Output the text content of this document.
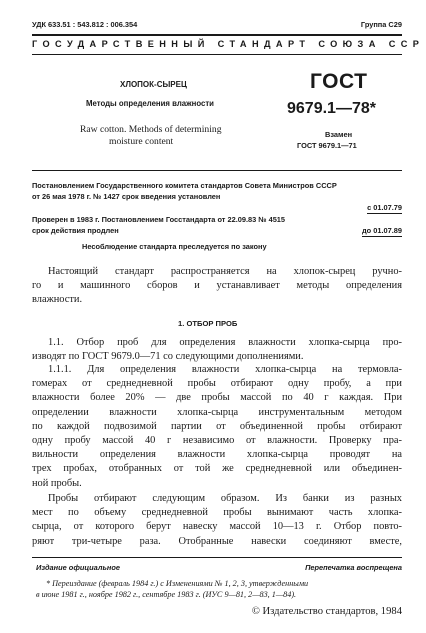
УДК 633.51 : 543.812 : 006.354	Группа С29
ГОСУДАРСТВЕННЫЙ СТАНДАРТ СОЮЗА ССР
ХЛОПОК-СЫРЕЦ
Методы определения влажности
Raw cotton. Methods of determining
moisture content
ГОСТ
9679.1—78*
Взамен
ГОСТ 9679.1—71
Постановлением Государственного комитета стандартов Совета Министров СССР
от 26 мая 1978 г. № 1427 срок введения установлен
с 01.07.79
Проверен в 1983 г. Постановлением Госстандарта от 22.09.83 № 4515
срок действия продлен	до 01.07.89
Несоблюдение стандарта преследуется по закону
Настоящий стандарт распространяется на хлопок-сырец ручно-
го и машинного сборов и устанавливает методы определения
влажности.
1. ОТБОР ПРОБ
1.1. Отбор проб для определения влажности хлопка-сырца про-
изводят по ГОСТ 9679.0—71 со следующими дополнениями.
1.1.1. Для определения влажности хлопка-сырца на термовла-
гомерах от среднедневной пробы отбирают одну пробу, а при
влажности более 20% — две пробы массой по 40 г каждая. При
определении влажности хлопка-сырца инструментальным методом
по каждой подвозимой партии от объединенной пробы отбирают
одну пробу массой 40 г независимо от влажности. Проверку пра-
вильности определения влажности хлопка-сырца проводят на
трех пробах, отобранных от той же среднедневной или объединен-
ной пробы.
Пробы отбирают следующим образом. Из банки из разных
мест по объему среднедневной пробы вынимают часть хлопка-
сырца, от которого берут навеску массой 10—13 г. Отбор повто-
ряют три-четыре раза. Отобранные навески соединяют вместе,
Издание официальное	Перепечатка воспрещена
* Переиздание (февраль 1984 г.) с Изменениями № 1, 2, 3, утвержденными
в июне 1981 г., ноябре 1982 г., сентябре 1983 г. (ИУС 9—81, 2—83, 1—84).
© Издательство стандартов, 1984
